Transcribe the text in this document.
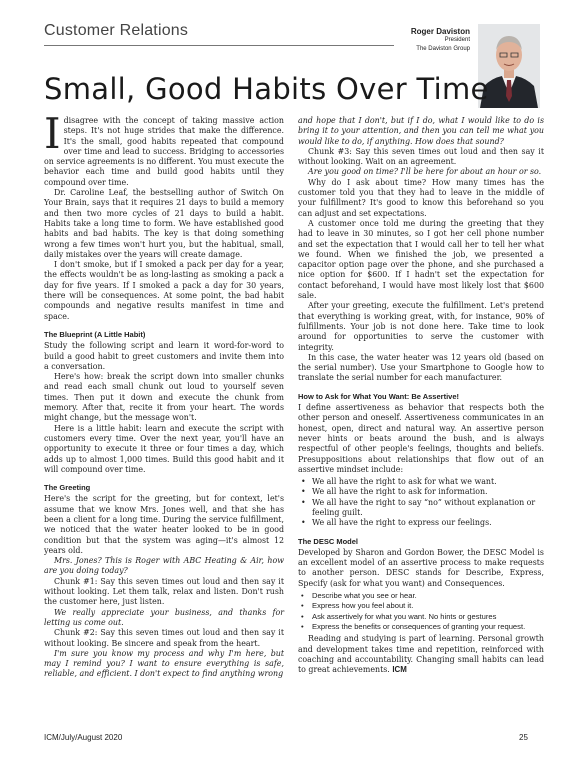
Customer Relations	Roger Daviston
President
The Daviston Group
Small, Good Habits Over Time

Idisagree with the concept of taking massive action steps. It's not huge strides that make the difference. It's the small, good habits repeated that compound over time and lead to success. Bridging to accessories on service agreements is no different. You must execute the behavior each time and build good habits until they compound over time.

Dr. Caroline Leaf, the bestselling author of Switch On Your Brain, says that it requires 21 days to build a memory and then two more cycles of 21 days to build a habit. Habits take a long time to form. We have established good habits and bad habits. The key is that doing something wrong a few times won't hurt you, but the habitual, small, daily mistakes over the years will create damage.

I don't smoke, but if I smoked a pack per day for a year, the effects wouldn't be as long-lasting as smoking a pack a day for five years. If I smoked a pack a day for 30 years, there will be consequences. At some point, the bad habit compounds and negative results manifest in time and space.

The Blueprint (A Little Habit)

Study the following script and learn it word-for-word to build a good habit to greet customers and invite them into a conversation.

Here's how: break the script down into smaller chunks and read each small chunk out loud to yourself seven times. Then put it down and execute the chunk from memory. After that, recite it from your heart. The words might change, but the message won't.

Here is a little habit: learn and execute the script with customers every time. Over the next year, you'll have an opportunity to execute it three or four times a day, which adds up to almost 1,000 times. Build this good habit and it will compound over time.

The Greeting

Here's the script for the greeting, but for context, let's assume that we know Mrs. Jones well, and that she has been a client for a long time. During the service fulfillment, we noticed that the water heater looked to be in good condition but that the system was aging—it's almost 12 years old.

Mrs. Jones? This is Roger with ABC Heating & Air, how are you doing today?

Chunk #1: Say this seven times out loud and then say it without looking. Let them talk, relax and listen. Don't rush the customer here, just listen.

We really appreciate your business, and thanks for letting us come out.

Chunk #2: Say this seven times out loud and then say it without looking. Be sincere and speak from the heart.

I'm sure you know my process and why I'm here, but may I remind you? I want to ensure everything is safe, reliable, and efficient. I don't expect to find anything wrong

and hope that I don't, but if I do, what I would like to do is bring it to your attention, and then you can tell me what you would like to do, if anything. How does that sound?

Chunk #3: Say this seven times out loud and then say it without looking. Wait on an agreement.

Are you good on time? I'll be here for about an hour or so.

Why do I ask about time? How many times has the customer told you that they had to leave in the middle of your fulfillment? It's good to know this beforehand so you can adjust and set expectations.

A customer once told me during the greeting that they had to leave in 30 minutes, so I got her cell phone number and set the expectation that I would call her to tell her what we found. When we finished the job, we presented a capacitor option page over the phone, and she purchased a nice option for $600. If I hadn't set the expectation for contact beforehand, I would have most likely lost that $600 sale.

After your greeting, execute the fulfillment. Let's pretend that everything is working great, with, for instance, 90% of fulfillments. Your job is not done here. Take time to look around for opportunities to serve the customer with integrity.

In this case, the water heater was 12 years old (based on the serial number). Use your Smartphone to Google how to translate the serial number for each manufacturer.

How to Ask for What You Want: Be Assertive!

I define assertiveness as behavior that respects both the other person and oneself. Assertiveness communicates in an honest, open, direct and natural way. An assertive person never hints or beats around the bush, and is always respectful of other people's feelings, thoughts and beliefs. Presuppositions about relationships that flow out of an assertive mindset include:

• We all have the right to ask for what we want.
• We all have the right to ask for information.
• We all have the right to say “no” without explanation or feeling guilt.
• We all have the right to express our feelings.
The DESC Model

Developed by Sharon and Gordon Bower, the DESC Model is an excellent model of an assertive process to make requests to another person. DESC stands for Describe, Express, Specify (ask for what you want) and Consequences.

• Describe what you see or hear.
• Express how you feel about it.
• Ask assertively for what you want. No hints or gestures
• Express the benefits or consequences of granting your request.

Reading and studying is part of learning. Personal growth and development takes time and repetition, reinforced with coaching and accountability. Changing small habits can lead to great achievements. ICM

ICM/July/August 2020	25
